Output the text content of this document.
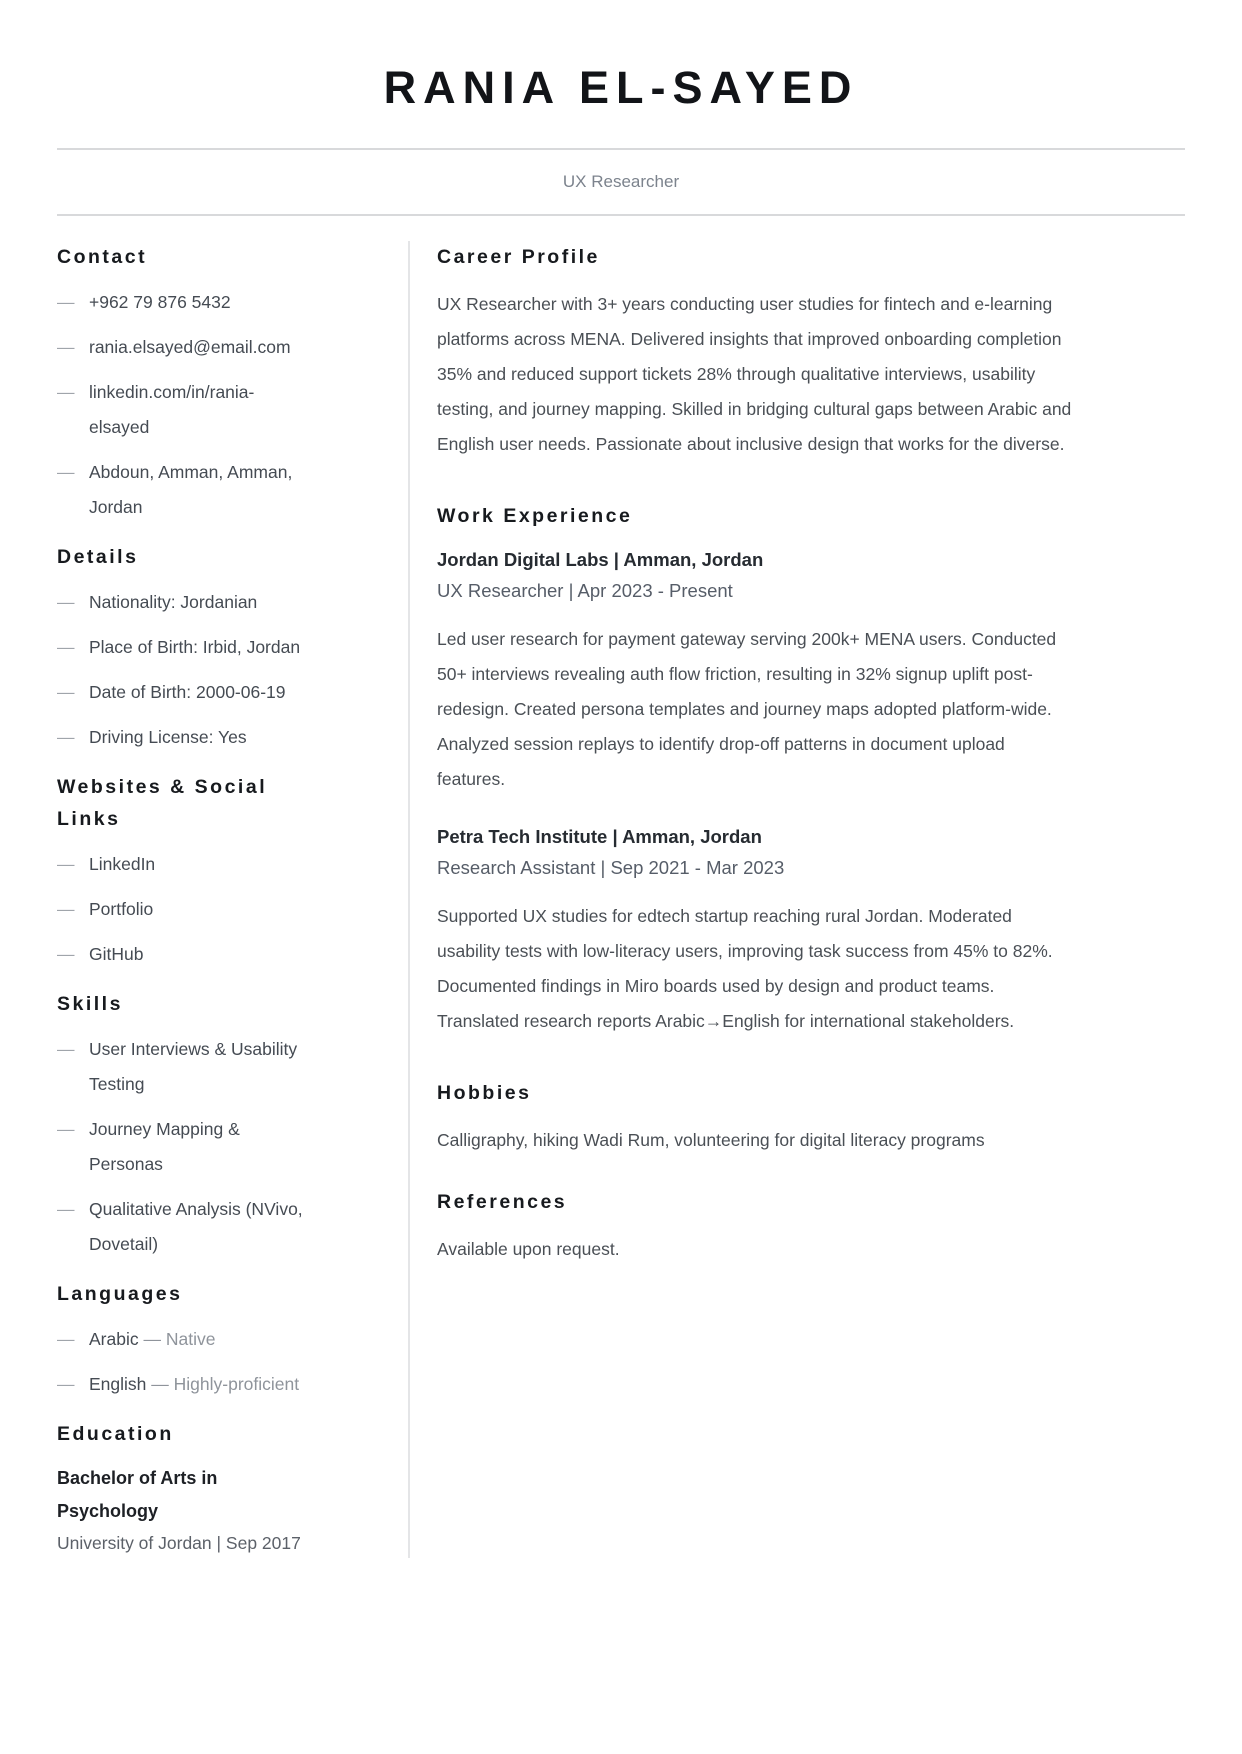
RANIA EL-SAYED
UX Researcher
Contact
— +962 79 876 5432
— rania.elsayed@email.com
— linkedin.com/in/rania-elsayed
— Abdoun, Amman, Amman, Jordan
Details
— Nationality: Jordanian
— Place of Birth: Irbid, Jordan
— Date of Birth: 2000-06-19
— Driving License: Yes
Websites & Social Links
— LinkedIn
— Portfolio
— GitHub
Skills
— User Interviews & Usability Testing
— Journey Mapping & Personas
— Qualitative Analysis (NVivo, Dovetail)
Languages
— Arabic — Native
— English — Highly-proficient
Education

Bachelor of Arts in Psychology

University of Jordan | Sep 2017

Career Profile

UX Researcher with 3+ years conducting user studies for fintech and e-learning platforms across MENA. Delivered insights that improved onboarding completion 35% and reduced support tickets 28% through qualitative interviews, usability testing, and journey mapping. Skilled in bridging cultural gaps between Arabic and English user needs. Passionate about inclusive design that works for the diverse.

Work Experience

Jordan Digital Labs | Amman, Jordan

UX Researcher | Apr 2023 - Present

Led user research for payment gateway serving 200k+ MENA users. Conducted 50+ interviews revealing auth flow friction, resulting in 32% signup uplift post-redesign. Created persona templates and journey maps adopted platform-wide. Analyzed session replays to identify drop-off patterns in document upload features.

Petra Tech Institute | Amman, Jordan

Research Assistant | Sep 2021 - Mar 2023

Supported UX studies for edtech startup reaching rural Jordan. Moderated usability tests with low-literacy users, improving task success from 45% to 82%. Documented findings in Miro boards used by design and product teams. Translated research reports Arabic→English for international stakeholders.

Hobbies

Calligraphy, hiking Wadi Rum, volunteering for digital literacy programs

References

Available upon request.
